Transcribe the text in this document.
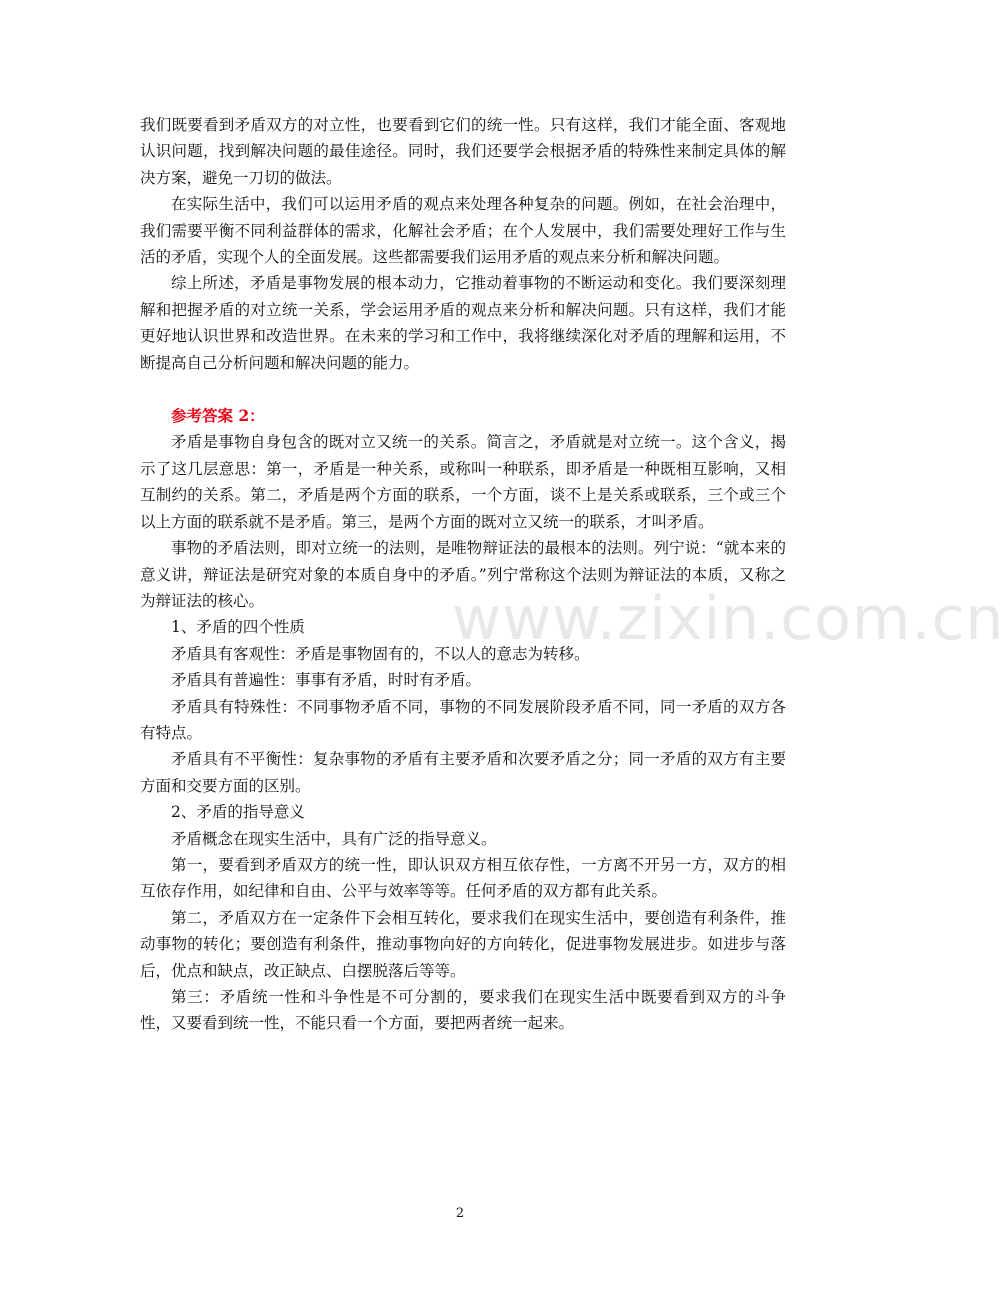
我们既要看到矛盾双方的对立性，也要看到它们的统一性。只有这样，我们才能全面、客观地认识问题，找到解决问题的最佳途径。同时，我们还要学会根据矛盾的特殊性来制定具体的解决方案，避免一刀切的做法。

在实际生活中，我们可以运用矛盾的观点来处理各种复杂的问题。例如，在社会治理中，我们需要平衡不同利益群体的需求，化解社会矛盾；在个人发展中，我们需要处理好工作与生活的矛盾，实现个人的全面发展。这些都需要我们运用矛盾的观点来分析和解决问题。

综上所述，矛盾是事物发展的根本动力，它推动着事物的不断运动和变化。我们要深刻理解和把握矛盾的对立统一关系，学会运用矛盾的观点来分析和解决问题。只有这样，我们才能更好地认识世界和改造世界。在未来的学习和工作中，我将继续深化对矛盾的理解和运用，不断提高自己分析问题和解决问题的能力。

参考答案 2：

矛盾是事物自身包含的既对立又统一的关系。简言之，矛盾就是对立统一。这个含义，揭示了这几层意思：第一，矛盾是一种关系，或称叫一种联系，即矛盾是一种既相互影响，又相互制约的关系。第二，矛盾是两个方面的联系，一个方面，谈不上是关系或联系，三个或三个以上方面的联系就不是矛盾。第三，是两个方面的既对立又统一的联系，才叫矛盾。

事物的矛盾法则，即对立统一的法则，是唯物辩证法的最根本的法则。列宁说：“就本来的意义讲，辩证法是研究对象的本质自身中的矛盾。”列宁常称这个法则为辩证法的本质，又称之为辩证法的核心。

1、矛盾的四个性质

矛盾具有客观性：矛盾是事物固有的，不以人的意志为转移。

矛盾具有普遍性：事事有矛盾，时时有矛盾。

矛盾具有特殊性：不同事物矛盾不同，事物的不同发展阶段矛盾不同，同一矛盾的双方各有特点。

矛盾具有不平衡性：复杂事物的矛盾有主要矛盾和次要矛盾之分；同一矛盾的双方有主要方面和交要方面的区别。

2、矛盾的指导意义

矛盾概念在现实生活中，具有广泛的指导意义。

第一，要看到矛盾双方的统一性，即认识双方相互依存性，一方离不开另一方，双方的相互依存作用，如纪律和自由、公平与效率等等。任何矛盾的双方都有此关系。

第二，矛盾双方在一定条件下会相互转化，要求我们在现实生活中，要创造有利条件，推动事物的转化；要创造有利条件，推动事物向好的方向转化，促进事物发展进步。如进步与落后，优点和缺点，改正缺点、白摆脱落后等等。

第三：矛盾统一性和斗争性是不可分割的，要求我们在现实生活中既要看到双方的斗争性，又要看到统一性，不能只看一个方面，要把两者统一起来。

www.zixin.com.cn
2
